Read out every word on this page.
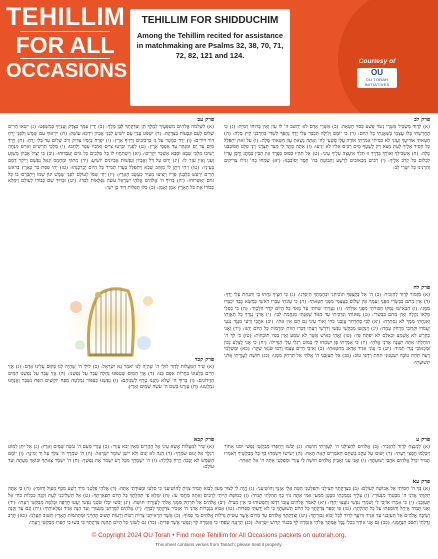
TEHILLIM
FOR ALL
OCCASIONS
TEHILLIM FOR SHIDDUCHIM
Among the Tehillim recited for assistance in matchmaking are Psalms 32, 38, 70, 71, 72, 82, 121 and 124.
Courtesy of
OU
OU TORAH INITIATIVES

פרק לב

(א) לְדָוִד מַשְׂכִּיל אַשְׁרֵי נְשׂוּי פֶּשַׁע כְּסוּי חֲטָאָה: (ב) אַשְׁרֵי אָדָם לֹא יַחְשֹׁב ה' לוֹ עָוֹן וְאֵין בְּרוּחוֹ רְמִיָּה: (ג) כִּי הֶחֱרַשְׁתִּי בָּלוּ עֲצָמָי בְּשַׁאֲגָתִי כָּל הַיּוֹם: (ד) כִּי יוֹמָם וָלַיְלָה תִּכְבַּד עָלַי יָדֶךָ נֶהְפַּךְ לְשַׁדִּי בְּחַרְבֹנֵי קַיִץ סֶלָה: (ה) חַטָּאתִי אוֹדִיעֲךָ וַעֲוֹנִי לֹא כִסִּיתִי אָמַרְתִּי אוֹדֶה עֲלֵי פְשָׁעַי לַה' וְאַתָּה נָשָׂאתָ עֲוֹן חַטָּאתִי סֶלָה: (ו) עַל זֹאת יִתְפַּלֵּל כָּל חָסִיד אֵלֶיךָ לְעֵת מְצֹא רַק לְשֵׁטֶף מַיִם רַבִּים אֵלָיו לֹא יַגִּיעוּ: (ז) אַתָּה סֵתֶר לִי מִצַּר תִּצְּרֵנִי רָנֵּי פַלֵּט תְּסוֹבְבֵנִי סֶלָה: (ח) אַשְׂכִּילְךָ וְאוֹרְךָ בְּדֶרֶךְ זוּ תֵלֵךְ אִיעֲצָה עָלֶיךָ עֵינִי: (ט) אַל תִּהְיוּ כְּסוּס כְּפֶרֶד אֵין הָבִין בְּמֶתֶג וָרֶסֶן עֶדְיוֹ לִבְלוֹם בַּל קְרֹב אֵלֶיךָ: (י) רַבִּים מַכְאוֹבִים לָרָשָׁע וְהַבּוֹטֵחַ בַּה' חֶסֶד יְסוֹבְבֶנּוּ: (יא) שִׂמְחוּ בַה' וְגִילוּ צַדִּיקִים וְהַרְנִינוּ כָּל יִשְׁרֵי לֵב:

פרק עב

(א) לִשְׁלֹמֹה אֱלֹהִים מִשְׁפָּטֶיךָ לְמֶלֶךְ תֵּן וְצִדְקָתְךָ לְבֶן מֶלֶךְ: (ב) יָדִין עַמְּךָ בְצֶדֶק וַעֲנִיֶּיךָ בְמִשְׁפָּט: (ג) יִשְׂאוּ הָרִים שָׁלוֹם לָעָם וּגְבָעוֹת בִּצְדָקָה: (ד) יִשְׁפֹּט עֲנִיֵּי עָם יוֹשִׁיעַ לִבְנֵי אֶבְיוֹן וִידַכֵּא עוֹשֵׁק: (ה) יִירָאוּךָ עִם שָׁמֶשׁ וְלִפְנֵי יָרֵחַ דּוֹר דּוֹרִים: (ו) יֵרֵד כְּמָטָר עַל גֵּז כִּרְבִיבִים זַרְזִיף אָרֶץ: (ז) יִפְרַח בְּיָמָיו צַדִּיק וְרֹב שָׁלוֹם עַד בְּלִי יָרֵחַ: (ח) וְיֵרְדְּ מִיָּם עַד יָם וּמִנָּהָר עַד אַפְסֵי אָרֶץ: (ט) לְפָנָיו יִכְרְעוּ צִיִּים וְאֹיְבָיו עָפָר יְלַחֵכוּ: (י) מַלְכֵי תַרְשִׁישׁ וְאִיִּים מִנְחָה יָשִׁיבוּ מַלְכֵי שְׁבָא וּסְבָא אֶשְׁכָּר יַקְרִיבוּ: (יא) וְיִשְׁתַּחֲווּ לוֹ כָל מְלָכִים כָּל גּוֹיִם יַעַבְדוּהוּ: (יב) כִּי יַצִּיל אֶבְיוֹן מְשַׁוֵּעַ וְעָנִי וְאֵין עֹזֵר לוֹ: (יג) יָחֹס עַל דַּל וְאֶבְיוֹן וְנַפְשׁוֹת אֶבְיוֹנִים יוֹשִׁיעַ: (יד) מִתּוֹךְ וּמֵחָמָס יִגְאַל נַפְשָׁם וְיֵיקַר דָּמָם בְּעֵינָיו: (טו) וִיחִי וְיִתֶּן לוֹ מִזְּהַב שְׁבָא וְיִתְפַּלֵּל בַּעֲדוֹ תָמִיד כָּל הַיּוֹם יְבָרְכֶנְהוּ: (טז) יְהִי פִסַּת בַּר בָּאָרֶץ בְּרֹאשׁ הָרִים יִרְעַשׁ כַּלְּבָנוֹן פִּרְיוֹ וְיָצִיצוּ מֵעִיר כְּעֵשֶׂב הָאָרֶץ: (יז) יְהִי שְׁמוֹ לְעוֹלָם לִפְנֵי שֶׁמֶשׁ יִנּוֹן שְׁמוֹ וְיִתְבָּרְכוּ בוֹ כָּל גּוֹיִם יְאַשְּׁרוּהוּ: (יח) בָּרוּךְ ה' אֱלֹהִים אֱלֹהֵי יִשְׂרָאֵל עֹשֵׂה נִפְלָאוֹת לְבַדּוֹ: (יט) וּבָרוּךְ שֵׁם כְּבוֹדוֹ לְעוֹלָם וְיִמָּלֵא כְבוֹדוֹ אֶת כֹּל הָאָרֶץ אָמֵן וְאָמֵן: (כ) כָּלּוּ תְפִלּוֹת דָּוִד בֶּן יִשָׁי:

פרק לח

(א) מִזְמוֹר לְדָוִד לְהַזְכִּיר: (ב) ה' אַל בְּקֶצְפְּךָ תוֹכִיחֵנִי וּבַחֲמָתְךָ תְיַסְּרֵנִי: (ג) כִּי חִצֶּיךָ נִחֲתוּ בִי וַתִּנְחַת עָלַי יָדֶךָ: (ד) אֵין מְתֹם בִּבְשָׂרִי מִפְּנֵי זַעְמֶךָ אֵין שָׁלוֹם בַּעֲצָמַי מִפְּנֵי חַטָּאתִי: (ה) כִּי עֲוֹנֹתַי עָבְרוּ רֹאשִׁי כְּמַשָּׂא כָבֵד יִכְבְּדוּ מִמֶּנִּי: (ו) הִבְאִישׁוּ נָמַקּוּ חַבּוּרֹתָי מִפְּנֵי אִוַּלְתִּי: (ז) נַעֲוֵיתִי שַׁחֹתִי עַד מְאֹד כָּל הַיּוֹם קֹדֵר הִלָּכְתִּי: (ח) כִּי כְסָלַי מָלְאוּ נִקְלֶה וְאֵין מְתֹם בִּבְשָׂרִי: (ט) נְפוּגוֹתִי וְנִדְכֵּיתִי עַד מְאֹד שָׁאַגְתִּי מִנַּהֲמַת לִבִּי: (י) אֲדֹנָי נֶגְדְּךָ כָל תַּאֲוָתִי וְאַנְחָתִי מִמְּךָ לֹא נִסְתָּרָה: (יא) לִבִּי סְחַרְחַר עֲזָבַנִי כֹחִי וְאוֹר עֵינַי גַּם הֵם אֵין אִתִּי: (יב) אֹהֲבַי וְרֵעַי מִנֶּגֶד נִגְעִי יַעֲמֹדוּ וּקְרוֹבַי מֵרָחֹק עָמָדוּ: (יג) וַיְנַקְשׁוּ מְבַקְשֵׁי נַפְשִׁי וְדֹרְשֵׁי רָעָתִי דִּבְּרוּ הַוּוֹת וּמִרְמוֹת כָּל הַיּוֹם יֶהְגּוּ: (יד) וַאֲנִי כְחֵרֵשׁ לֹא אֶשְׁמָע וּכְאִלֵּם לֹא יִפְתַּח פִּיו: (טו) וָאֱהִי כְּאִישׁ אֲשֶׁר לֹא שֹׁמֵעַ וְאֵין בְּפִיו תּוֹכָחוֹת: (טז) כִּי לְךָ ה' הוֹחָלְתִּי אַתָּה תַעֲנֶה אֲדֹנָי אֱלֹהָי: (יז) כִּי אָמַרְתִּי פֶּן יִשְׂמְחוּ לִי בְּמוֹט רַגְלִי עָלַי הִגְדִּילוּ: (יח) כִּי אֲנִי לְצֶלַע נָכוֹן וּמַכְאוֹבִי נֶגְדִּי תָמִיד: (יט) כִּי עֲוֹנִי אַגִּיד אֶדְאַג מֵחַטָּאתִי: (כ) וְאֹיְבַי חַיִּים עָצֵמוּ וְרַבּוּ שֹׂנְאַי שָׁקֶר: (כא) וּמְשַׁלְּמֵי רָעָה תַּחַת טוֹבָה יִשְׂטְנוּנִי תַּחַת רָדְפִי טוֹב: (כב) אַל תַּעַזְבֵנִי ה' אֱלֹהַי אַל תִּרְחַק מִמֶּנִּי: (כג) חוּשָׁה לְעֶזְרָתִי אֲדֹנָי תְּשׁוּעָתִי:

פרק קכד

(א) שִׁיר הַמַּעֲלוֹת לְדָוִד לוּלֵי ה' שֶׁהָיָה לָנוּ יֹאמַר נָא יִשְׂרָאֵל: (ב) לוּלֵי ה' שֶׁהָיָה לָנוּ בְּקוּם עָלֵינוּ אָדָם: (ג) אֲזַי חַיִּים בְּלָעוּנוּ בַּחֲרוֹת אַפָּם בָּנוּ: (ד) אֲזַי הַמַּיִם שְׁטָפוּנוּ נַחְלָה עָבַר עַל נַפְשֵׁנוּ: (ה) אֲזַי עָבַר עַל נַפְשֵׁנוּ הַמַּיִם הַזֵּידוֹנִים: (ו) בָּרוּךְ ה' שֶׁלֹּא נְתָנָנוּ טֶרֶף לְשִׁנֵּיהֶם: (ז) נַפְשֵׁנוּ כְּצִפּוֹר נִמְלְטָה מִפַּח יוֹקְשִׁים הַפַּח נִשְׁבָּר וַאֲנַחְנוּ נִמְלָטְנוּ: (ח) עֶזְרֵנוּ בְּשֵׁם ה' עֹשֵׂה שָׁמַיִם וָאָרֶץ:

פרק ע

(א) לַמְנַצֵּחַ לְדָוִד לְהַזְכִּיר: (ב) אֱלֹהִים לְהַצִּילֵנִי ה' לְעֶזְרָתִי חוּשָׁה: (ג) יֵבֹשׁוּ וְיַחְפְּרוּ מְבַקְשֵׁי נַפְשִׁי יִסֹּגוּ אָחוֹר וְיִכָּלְמוּ חֲפֵצֵי רָעָתִי: (ד) יָשׁוּבוּ עַל עֵקֶב בָּשְׁתָּם הָאֹמְרִים הֶאָח הֶאָח: (ה) יָשִׂישׂוּ וְיִשְׂמְחוּ בְּךָ כָּל מְבַקְשֶׁיךָ וְיֹאמְרוּ תָמִיד יִגְדַּל אֱלֹהִים אֹהֲבֵי יְשׁוּעָתֶךָ: (ו) וַאֲנִי עָנִי וְאֶבְיוֹן אֱלֹהִים חוּשָׁה לִּי עֶזְרִי וּמְפַלְטִי אַתָּה ה' אַל תְּאַחַר:

פרק קכא

(א) שִׁיר לַמַּעֲלוֹת אֶשָּׂא עֵינַי אֶל הֶהָרִים מֵאַיִן יָבֹא עֶזְרִי: (ב) עֶזְרִי מֵעִם ה' עֹשֵׂה שָׁמַיִם וָאָרֶץ: (ג) אַל יִתֵּן לַמּוֹט רַגְלֶךָ אַל יָנוּם שֹׁמְרֶךָ: (ד) הִנֵּה לֹא יָנוּם וְלֹא יִישָׁן שׁוֹמֵר יִשְׂרָאֵל: (ה) ה' שֹׁמְרֶךָ ה' צִלְּךָ עַל יַד יְמִינֶךָ: (ו) יוֹמָם הַשֶּׁמֶשׁ לֹא יַכֶּכָּה וְיָרֵחַ בַּלָּיְלָה: (ז) ה' יִשְׁמָרְךָ מִכָּל רָע יִשְׁמֹר אֶת נַפְשֶׁךָ: (ח) ה' יִשְׁמָר צֵאתְךָ וּבוֹאֶךָ מֵעַתָּה וְעַד עוֹלָם:

פרק עא

(א) בְּךָ ה' חָסִיתִי אַל אֵבוֹשָׁה לְעוֹלָם: (ב) בְּצִדְקָתְךָ תַּצִּילֵנִי וּתְפַלְּטֵנִי הַטֵּה אֵלַי אָזְנְךָ וְהוֹשִׁיעֵנִי: (ג) הֱיֵה לִי לְצוּר מָעוֹן לָבוֹא תָּמִיד צִוִּיתָ לְהוֹשִׁיעֵנִי כִּי סַלְעִי וּמְצוּדָתִי אָתָּה: (ד) אֱלֹהַי פַּלְּטֵנִי מִיַּד רָשָׁע מִכַּף מְעַוֵּל וְחוֹמֵץ: (ה) כִּי אַתָּה תִקְוָתִי אֲדֹנָי ה' מִבְטַחִי מִנְּעוּרָי: (ו) עָלֶיךָ נִסְמַכְתִּי מִבֶּטֶן מִמְּעֵי אִמִּי אַתָּה גוֹזִי בְּךָ תְהִלָּתִי תָמִיד: (ז) כְּמוֹפֵת הָיִיתִי לְרַבִּים וְאַתָּה מַחֲסִי עֹז: (ח) יִמָּלֵא פִי תְּהִלָּתֶךָ כָּל הַיּוֹם תִּפְאַרְתֶּךָ: (ט) אַל תַּשְׁלִיכֵנִי לְעֵת זִקְנָה כִּכְלוֹת כֹּחִי אַל תַּעַזְבֵנִי: (י) כִּי אָמְרוּ אוֹיְבַי לִי וְשֹׁמְרֵי נַפְשִׁי נוֹעֲצוּ יַחְדָּו: (יא) לֵאמֹר אֱלֹהִים עֲזָבוֹ רִדְפוּ וְתִפְשׂוּהוּ כִּי אֵין מַצִּיל: (יב) אֱלֹהִים אַל תִּרְחַק מִמֶּנִּי אֱלֹהַי לְעֶזְרָתִי חוּשָׁה: (יג) יֵבֹשׁוּ יִכְלוּ שֹׂטְנֵי נַפְשִׁי יַעֲטוּ חֶרְפָּה וּכְלִמָּה מְבַקְשֵׁי רָעָתִי: (יד) וַאֲנִי תָּמִיד אֲיַחֵל וְהוֹסַפְתִּי עַל כָּל תְּהִלָּתֶךָ: (טו) פִּי יְסַפֵּר צִדְקָתֶךָ כָּל הַיּוֹם תְּשׁוּעָתֶךָ כִּי לֹא יָדַעְתִּי סְפֹרוֹת: (טז) אָבוֹא בִּגְבֻרוֹת אֲדֹנָי ה' אַזְכִּיר צִדְקָתְךָ לְבַדֶּךָ: (יז) אֱלֹהִים לִמַּדְתַּנִי מִנְּעוּרָי וְעַד הֵנָּה אַגִּיד נִפְלְאוֹתֶיךָ: (יח) וְגַם עַד זִקְנָה וְשֵׂיבָה אֱלֹהִים אַל תַּעַזְבֵנִי עַד אַגִּיד זְרוֹעֲךָ לְדוֹר לְכָל יָבוֹא גְּבוּרָתֶךָ: (יט) וְצִדְקָתְךָ אֱלֹהִים עַד מָרוֹם אֲשֶׁר עָשִׂיתָ גְדֹלוֹת אֱלֹהִים מִי כָמוֹךָ: (כ) אֲשֶׁר הִרְאִיתַנִי צָרוֹת רַבּוֹת וְרָעוֹת תָּשׁוּב תְּחַיֵּינִי וּמִתְּהֹמוֹת הָאָרֶץ תָּשׁוּב תַּעֲלֵנִי: (כא) תֶּרֶב גְּדֻלָּתִי וְתִסֹּב תְּנַחֲמֵנִי: (כב) גַּם אֲנִי אוֹדְךָ בִכְלִי נֶבֶל אֲמִתְּךָ אֱלֹהָי אֲזַמְּרָה לְךָ בְכִנּוֹר קְדוֹשׁ יִשְׂרָאֵל: (כג) תְּרַנֵּנָּה שְׂפָתַי כִּי אֲזַמְּרָה לָּךְ וְנַפְשִׁי אֲשֶׁר פָּדִיתָ: (כד) גַּם לְשׁוֹנִי כָּל הַיּוֹם תֶּהְגֶּה צִדְקָתֶךָ כִּי בֹשׁוּ כִי חָפְרוּ מְבַקְשֵׁי רָעָתִי:

© Copyright 2024 OU Torah • Find more Tehillim for All Occasions packets on outorah.org.
This sheet contains verses from Tanach; please treat it properly.
